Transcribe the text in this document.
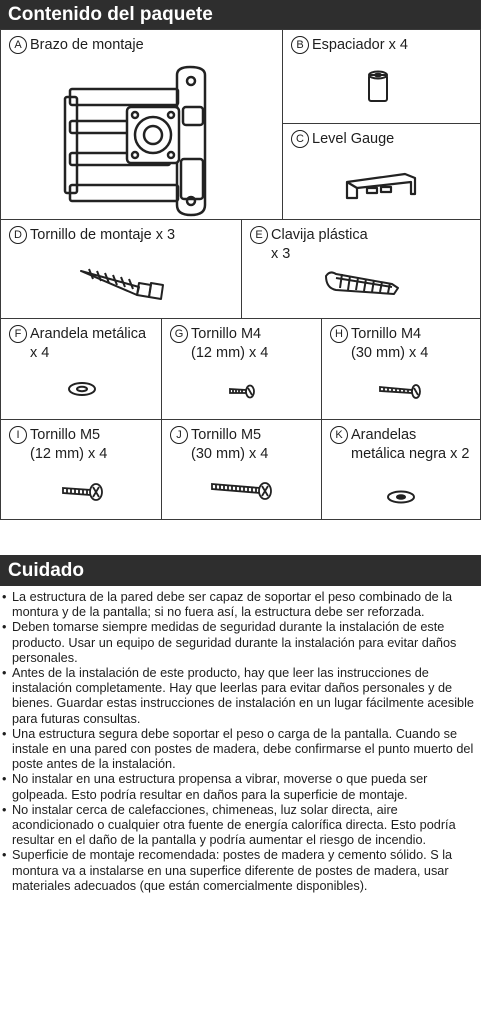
Contenido del paquete
A Brazo de montaje	B Espaciador x 4
C Level Gauge
D Tornillo de montaje x 3	E Clavija plástica
x 3
F Arandela metálica
x 4
G Tornillo M4
(12 mm) x 4
H Tornillo M4
(30 mm) x 4
I Tornillo M5
(12 mm) x 4
J Tornillo M5
(30 mm) x 4
K Arandelas
metálica negra x 2
Cuidado
• La estructura de la pared debe ser capaz de soportar el peso combinado de la montura y de la pantalla; si no fuera así, la estructura debe ser reforzada.
• Deben tomarse siempre medidas de seguridad durante la instalación de este producto. Usar un equipo de seguridad durante la instalación para evitar daños personales.
• Antes de la instalación de este producto, hay que leer las instrucciones de instalación completamente. Hay que leerlas para evitar daños personales y de bienes. Guardar estas instrucciones de instalación en un lugar fácilmente acesible para futuras consultas.
• Una estructura segura debe soportar el peso o carga de la pantalla. Cuando se instale en una pared con postes de madera, debe confirmarse el punto muerto del poste antes de la instalación.
• No instalar en una estructura propensa a vibrar, moverse o que pueda ser golpeada. Esto podría resultar en daños para la superficie de montaje.
• No instalar cerca de calefacciones, chimeneas, luz solar directa, aire acondicionado o cualquier otra fuente de energía calorífica directa. Esto podría resultar en el daño de la pantalla y podría aumentar el riesgo de incendio.
• Superficie de montaje recomendada: postes de madera y cemento sólido. S la montura va a instalarse en una superfice diferente de postes de madera, usar materiales adecuados (que están comercialmente disponibles).
